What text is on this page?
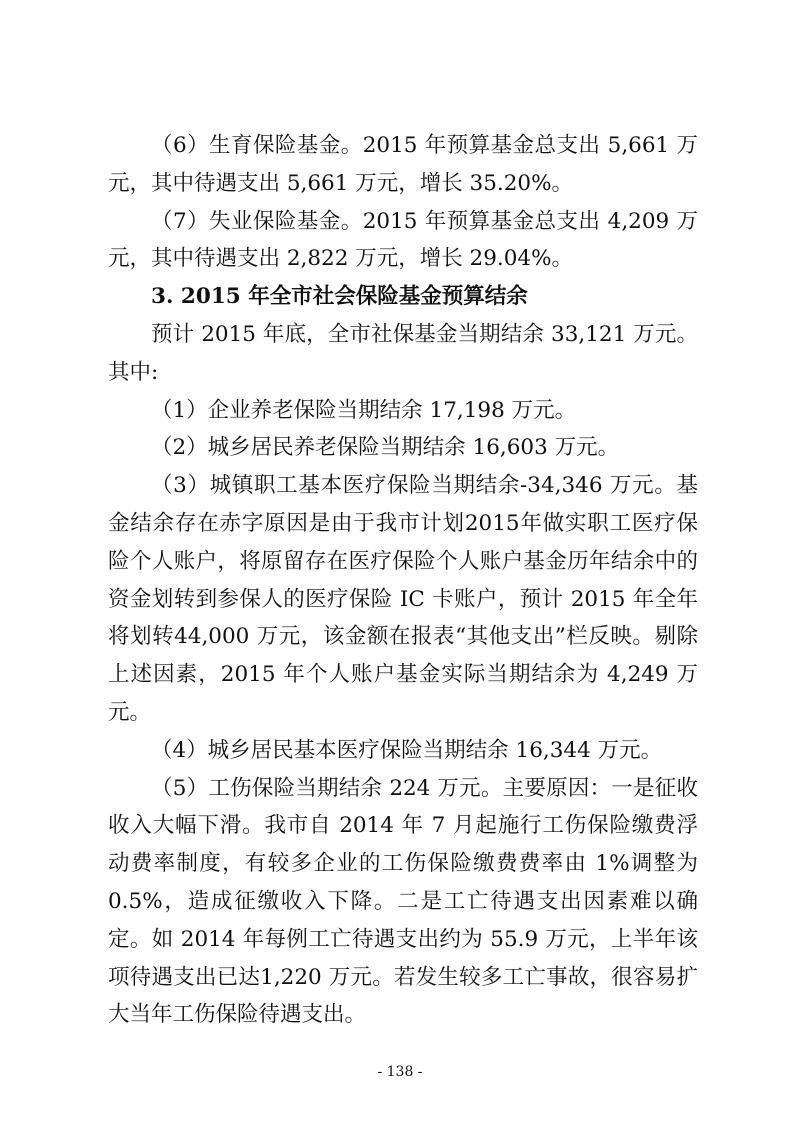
（6）生育保险基金。2015 年预算基金总支出 5,661 万元，其中待遇支出 5,661 万元，增长 35.20%。

（7）失业保险基金。2015 年预算基金总支出 4,209 万元，其中待遇支出 2,822 万元，增长 29.04%。

3. 2015 年全市社会保险基金预算结余

预计 2015 年底，全市社保基金当期结余 33,121 万元。其中:

（1）企业养老保险当期结余 17,198 万元。

（2）城乡居民养老保险当期结余 16,603 万元。

（3）城镇职工基本医疗保险当期结余-34,346 万元。基金结余存在赤字原因是由于我市计划2015年做实职工医疗保险个人账户，将原留存在医疗保险个人账户基金历年结余中的资金划转到参保人的医疗保险 IC 卡账户，预计 2015 年全年将划转44,000 万元，该金额在报表“其他支出”栏反映。剔除上述因素，2015 年个人账户基金实际当期结余为 4,249 万元。

（4）城乡居民基本医疗保险当期结余 16,344 万元。

（5）工伤保险当期结余 224 万元。主要原因：一是征收收入大幅下滑。我市自 2014 年 7 月起施行工伤保险缴费浮动费率制度，有较多企业的工伤保险缴费费率由 1%调整为 0.5%，造成征缴收入下降。二是工亡待遇支出因素难以确定。如 2014 年每例工亡待遇支出约为 55.9 万元，上半年该项待遇支出已达1,220 万元。若发生较多工亡事故，很容易扩大当年工伤保险待遇支出。

- 138 -
